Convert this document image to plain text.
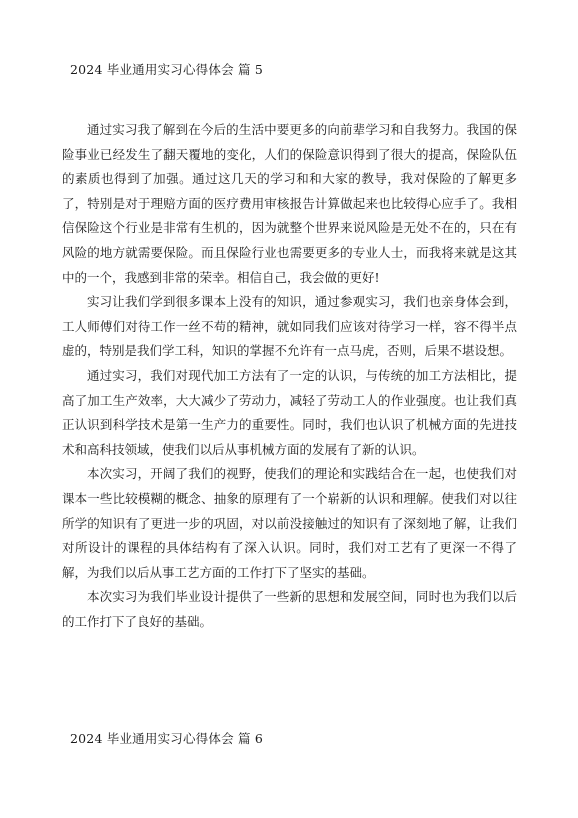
2024 毕业通用实习心得体会 篇 5

通过实习我了解到在今后的生活中要更多的向前辈学习和自我努力。我国的保险事业已经发生了翻天覆地的变化，人们的保险意识得到了很大的提高，保险队伍的素质也得到了加强。通过这几天的学习和和大家的教导，我对保险的了解更多了，特别是对于理赔方面的医疗费用审核报告计算做起来也比较得心应手了。我相信保险这个行业是非常有生机的，因为就整个世界来说风险是无处不在的，只在有风险的地方就需要保险。而且保险行业也需要更多的专业人士，而我将来就是这其中的一个，我感到非常的荣幸。相信自己，我会做的更好!

实习让我们学到很多课本上没有的知识，通过参观实习，我们也亲身体会到，工人师傅们对待工作一丝不苟的精神，就如同我们应该对待学习一样，容不得半点虚的，特别是我们学工科，知识的掌握不允许有一点马虎，否则，后果不堪设想。

通过实习，我们对现代加工方法有了一定的认识，与传统的加工方法相比，提高了加工生产效率，大大减少了劳动力，减轻了劳动工人的作业强度。也让我们真正认识到科学技术是第一生产力的重要性。同时，我们也认识了机械方面的先进技术和高科技领域，使我们以后从事机械方面的发展有了新的认识。

本次实习，开阔了我们的视野，使我们的理论和实践结合在一起，也使我们对课本一些比较模糊的概念、抽象的原理有了一个崭新的认识和理解。使我们对以往所学的知识有了更进一步的巩固，对以前没接触过的知识有了深刻地了解，让我们对所设计的课程的具体结构有了深入认识。同时，我们对工艺有了更深一不得了解，为我们以后从事工艺方面的工作打下了坚实的基础。

本次实习为我们毕业设计提供了一些新的思想和发展空间，同时也为我们以后的工作打下了良好的基础。

2024 毕业通用实习心得体会 篇 6
